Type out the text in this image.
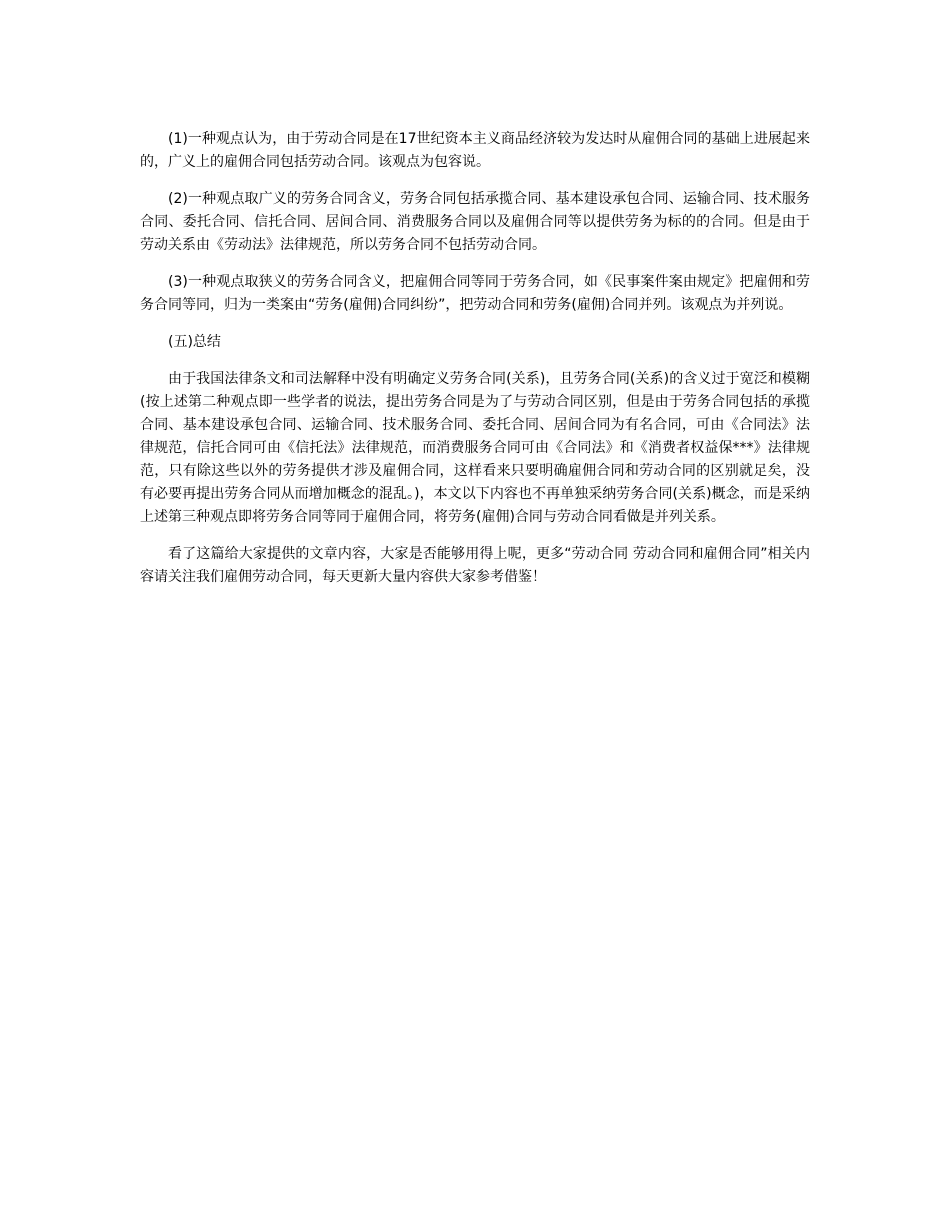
(1)一种观点认为，由于劳动合同是在17世纪资本主义商品经济较为发达时从雇佣合同的基础上进展起来的，广义上的雇佣合同包括劳动合同。该观点为包容说。

(2)一种观点取广义的劳务合同含义，劳务合同包括承揽合同、基本建设承包合同、运输合同、技术服务合同、委托合同、信托合同、居间合同、消费服务合同以及雇佣合同等以提供劳务为标的的合同。但是由于劳动关系由《劳动法》法律规范，所以劳务合同不包括劳动合同。

(3)一种观点取狭义的劳务合同含义，把雇佣合同等同于劳务合同，如《民事案件案由规定》把雇佣和劳务合同等同，归为一类案由“劳务(雇佣)合同纠纷”，把劳动合同和劳务(雇佣)合同并列。该观点为并列说。

(五)总结

由于我国法律条文和司法解释中没有明确定义劳务合同(关系)，且劳务合同(关系)的含义过于宽泛和模糊(按上述第二种观点即一些学者的说法，提出劳务合同是为了与劳动合同区别，但是由于劳务合同包括的承揽合同、基本建设承包合同、运输合同、技术服务合同、委托合同、居间合同为有名合同，可由《合同法》法律规范，信托合同可由《信托法》法律规范，而消费服务合同可由《合同法》和《消费者权益保***》法律规范，只有除这些以外的劳务提供才涉及雇佣合同，这样看来只要明确雇佣合同和劳动合同的区别就足矣，没有必要再提出劳务合同从而增加概念的混乱。)，本文以下内容也不再单独采纳劳务合同(关系)概念，而是采纳上述第三种观点即将劳务合同等同于雇佣合同，将劳务(雇佣)合同与劳动合同看做是并列关系。

看了这篇给大家提供的文章内容，大家是否能够用得上呢，更多“劳动合同 劳动合同和雇佣合同”相关内容请关注我们雇佣劳动合同，每天更新大量内容供大家参考借鉴！
